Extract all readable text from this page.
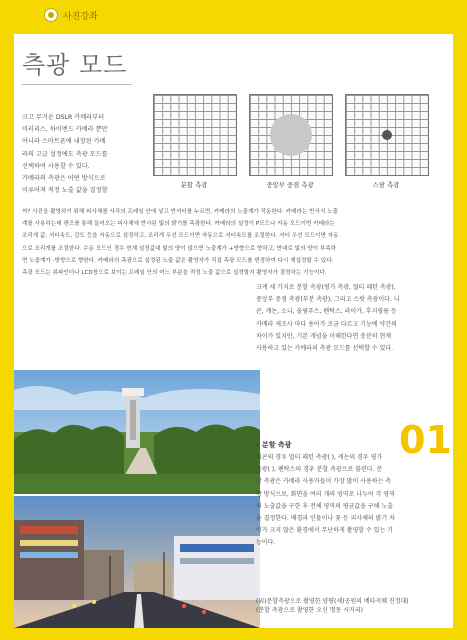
사진강좌
측광 모드

크고 무거운 DSLR 카메라부터

미러리스, 하이엔드 카메라 뿐만

아니라 스마트폰에 내장된 카메

라의 고급 설정에도 측광 모드를

선택하여 사용할 수 있다.

카메라의 측광은 어떤 방식으로

이루어져 적정 노출 값을 결정할

분할 측광	중앙부 중점 측광	스팟 측광

까? 사진을 촬영하기 위해 피사체를 사각의 프레임 안에 넣고 반셔터를 누르면, 카메라의 노출계가 작동한다. 카메라는 반사식 노출

계를 사용하는데 렌즈를 통해 들어오는 피사체에 반사된 빛의 밝기를 측광한다. 카메라의 설정이 P모드나 자동 모드이면 카메라는

조리개 값, 셔터속도, 감도 등을 자동으로 설정하고, 조리개 우선 모드이면 자동으로 셔터속도를 조절한다. 셔터 우선 모드이면 자동

으로 조리개를 조절한다. 수동 모드인 경우 현재 설정값대 빛의 양이 많으면 노출계가 +방향으로 향하고, 반대로 빛의 양이 부족하

면 노출계가 -방향으로 향한다. 카메라의 측광으로 설정된 노출 값은 촬영자가 직접 측광 모드를 변경하여 다시 재설정할 수 있다.

측광 모드는 뷰파인더나 LCD창으로 보이는 프레임 안의 어느 부분을 적정 노출 값으로 설정할지 촬영자가 결정하는 기능이다.

크게 세 가지로 분할 측광(평가 측광, 멀티 패턴 측광),

중앙부 중점 측광(부분 측광), 그리고 스팟 측광이다. 니

콘, 캐논, 소니, 올림푸스, 펜탁스, 라이카, 후지필름 등

카메라 제조사 마다 용어가 조금 다르고 기능에 약간의

차이가 있지만, 기본 개념을 이해한다면 충분히 현재

사용하고 있는 카메라의 측광 모드를 선택할 수 있다.

01
– 분할 측광

니콘의 경우 멀티 패턴 측광( ), 캐논의 경우 평가

측광( ), 펜탁스의 경우 분할 측광으로 불린다. 분

할 측광은 카메라 사용자들이 가장 많이 사용하는 측

광 방식으로, 화면을 여러 개의 영역로 나누어 각 영역

의 노출값을 구한 후 전체 영역의 평균값을 구해 노출

을 결정한다. 배경과 인물이나 꽃 등 피사체의 밝기 차

이가 크지 않은 환경에서 무난하게 촬영할 수 있는 기

능이다.

(위)분할측광으로 촬영한 양평(세)공원의 메타지퀘 진정대)
(분할 측광으로 촬영한 오신 명동 시거리)
